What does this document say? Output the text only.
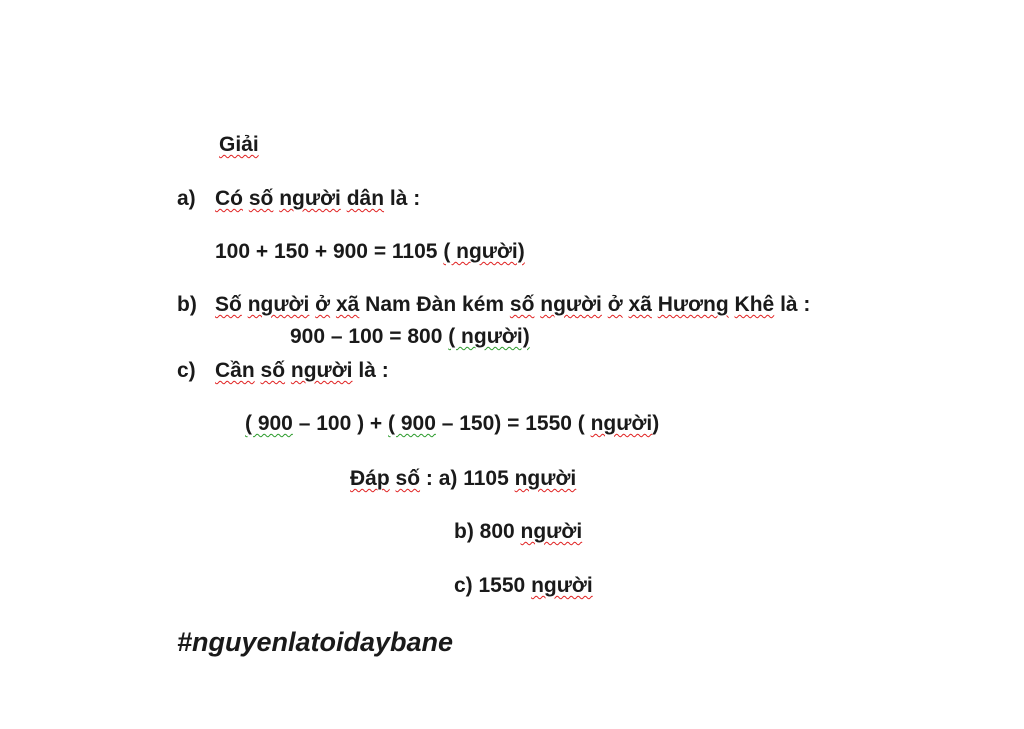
Giải
a) Có số người dân là :
100 + 150 + 900 = 1105 ( người)
b) Số người ở xã Nam Đàn kém số người ở xã Hương Khê là :
900 – 100 = 800 ( người)
c) Cần số người là :
( 900 – 100 ) + ( 900 – 150) = 1550 ( người)
Đáp số : a) 1105 người
b) 800 người
c) 1550 người
#nguyenlatoidaybane
